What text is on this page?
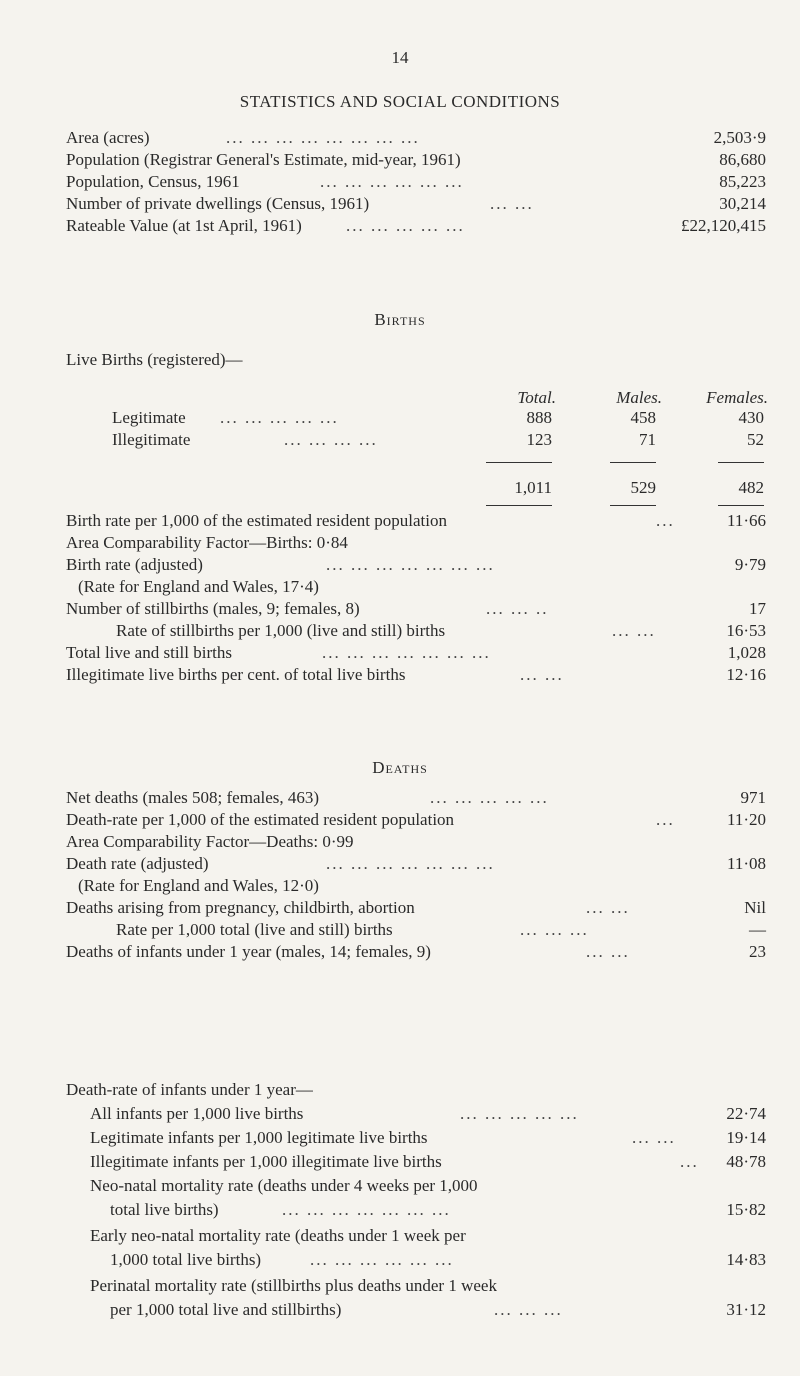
14
STATISTICS AND SOCIAL CONDITIONS
Area (acres)	... ... ... ... ... ... ... ...	2,503·9
Population (Registrar General's Estimate, mid-year, 1961)	86,680
Population, Census, 1961	... ... ... ... ... ...	85,223
Number of private dwellings (Census, 1961)	... ...	30,214
Rateable Value (at 1st April, 1961)	... ... ... ... ...	£22,120,415
Births
Live Births (registered)—
Total.	Males.	Females.
Legitimate ... ... ... ... ...	888	458	430
Illegitimate	... ... ... ...	123	71	52
1,011	529	482
Birth rate per 1,000 of the estimated resident population	...	11·66
Area Comparability Factor—Births: 0·84
Birth rate (adjusted)	... ... ... ... ... ... ...	9·79
(Rate for England and Wales, 17·4)
Number of stillbirths (males, 9; females, 8)	... ... ..	17
Rate of stillbirths per 1,000 (live and still) births	... ...	16·53
Total live and still births	... ... ... ... ... ... ...	1,028
Illegitimate live births per cent. of total live births	... ...	12·16
Deaths
Net deaths (males 508; females, 463)	... ... ... ... ...	971
Death-rate per 1,000 of the estimated resident population	...	11·20
Area Comparability Factor—Deaths: 0·99
Death rate (adjusted)	... ... ... ... ... ... ...	11·08
(Rate for England and Wales, 12·0)
Deaths arising from pregnancy, childbirth, abortion	... ...	Nil
Rate per 1,000 total (live and still) births	... ... ...	—
Deaths of infants under 1 year (males, 14; females, 9)	... ...	23
Death-rate of infants under 1 year—
All infants per 1,000 live births	... ... ... ... ...	22·74
Legitimate infants per 1,000 legitimate live births	... ...	19·14
Illegitimate infants per 1,000 illegitimate live births	... 48·78
Neo-natal mortality rate (deaths under 4 weeks per 1,000
total live births)	... ... ... ... ... ... ...	15·82
Early neo-natal mortality rate (deaths under 1 week per
1,000 total live births)	... ... ... ... ... ...	14·83
Perinatal mortality rate (stillbirths plus deaths under 1 week
per 1,000 total live and stillbirths)	... ... ...	31·12
